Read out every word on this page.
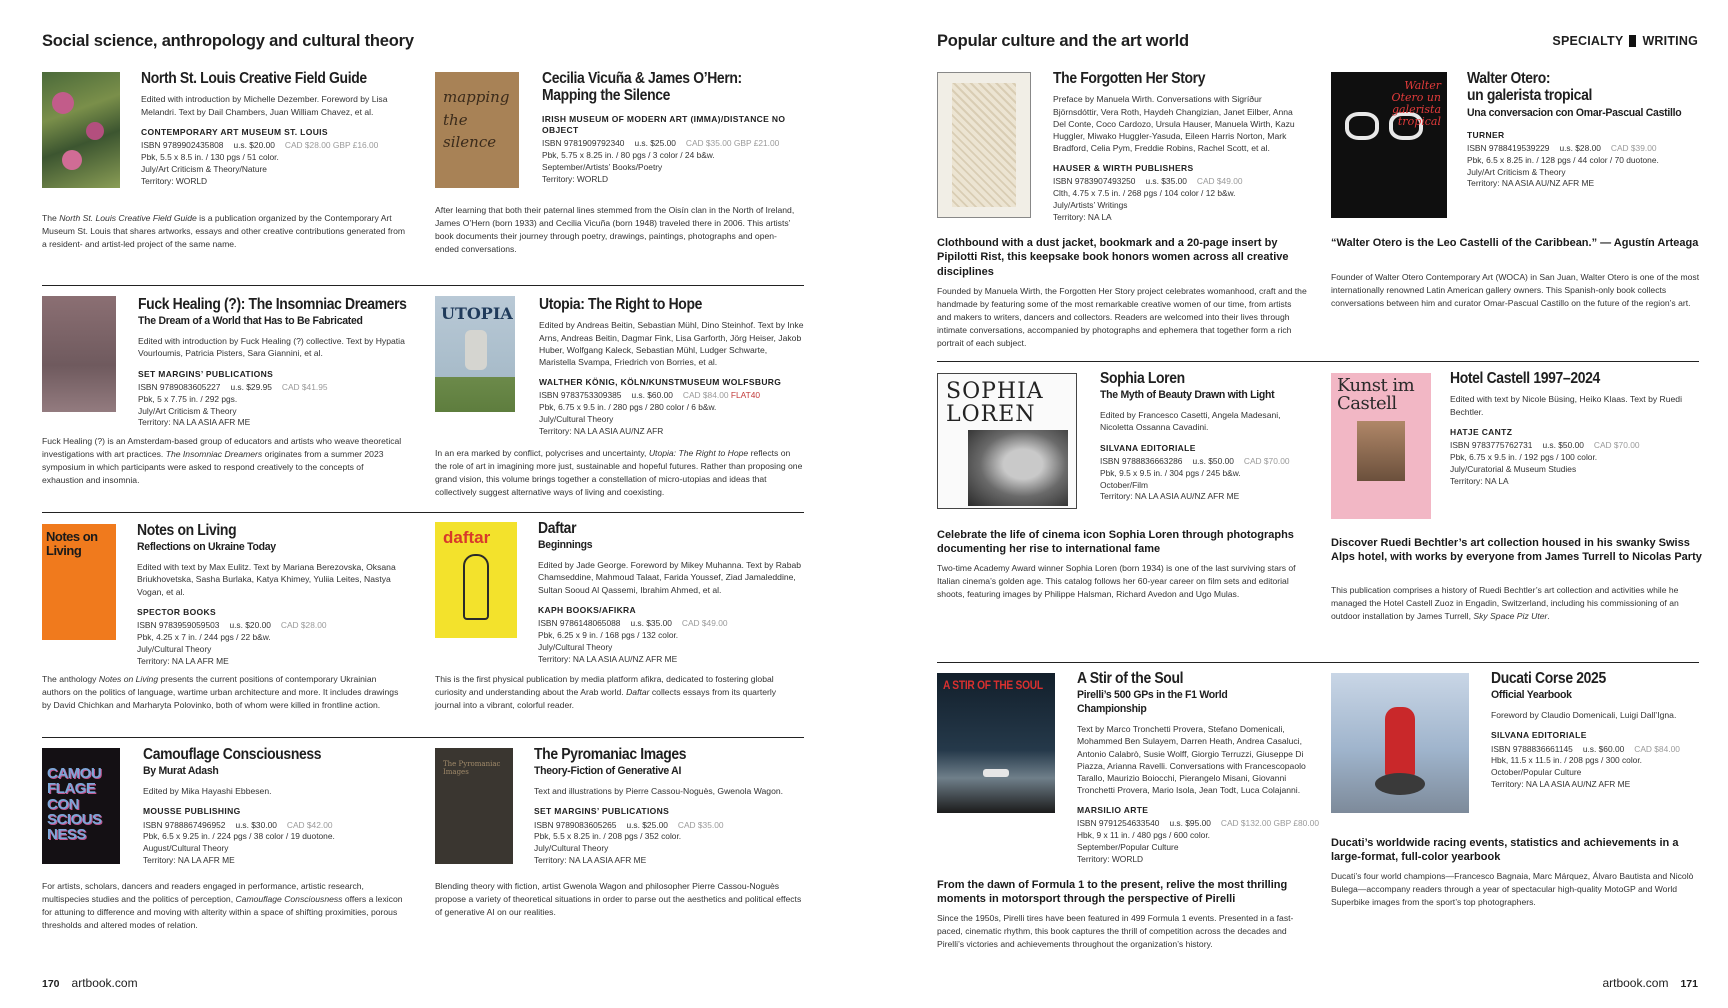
Social science, anthropology and cultural theory
North St. Louis Creative Field Guide
Edited with introduction by Michelle Dezember. Foreword by Lisa Melandri. Text by Dail Chambers, Juan William Chavez, et al.
CONTEMPORARY ART MUSEUM ST. LOUIS
ISBN 9789902435808 u.s. $20.00 CAD $28.00 GBP £16.00
Pbk, 5.5 x 8.5 in. / 130 pgs / 51 color.
July/Art Criticism & Theory/Nature
Territory: WORLD
The North St. Louis Creative Field Guide is a publication organized by the Contemporary Art Museum St. Louis that shares artworks, essays and other creative contributions generated from a resident- and artist-led project of the same name.
mapping the silence
Cecilia Vicuña & James O’Hern:
Mapping the Silence
IRISH MUSEUM OF MODERN ART (IMMA)/DISTANCE NO OBJECT
ISBN 9781909792340 u.s. $25.00 CAD $35.00 GBP £21.00
Pbk, 5.75 x 8.25 in. / 80 pgs / 3 color / 24 b&w.
September/Artists’ Books/Poetry
Territory: WORLD
After learning that both their paternal lines stemmed from the Oisín clan in the North of Ireland, James O’Hern (born 1933) and Cecilia Vicuña (born 1948) traveled there in 2006. This artists’ book documents their journey through poetry, drawings, paintings, photographs and open-ended conversations.
Fuck Healing (?): The Insomniac Dreamers
The Dream of a World that Has to Be Fabricated
Edited with introduction by Fuck Healing (?) collective. Text by Hypatia Vourloumis, Patricia Pisters, Sara Giannini, et al.
SET MARGINS’ PUBLICATIONS
ISBN 9789083605227 u.s. $29.95 CAD $41.95
Pbk, 5 x 7.75 in. / 292 pgs.
July/Art Criticism & Theory
Territory: NA LA ASIA AFR ME
Fuck Healing (?) is an Amsterdam-based group of educators and artists who weave theoretical investigations with art practices. The Insomniac Dreamers originates from a summer 2023 symposium in which participants were asked to respond creatively to the concepts of exhaustion and insomnia.
UTOPIA Utopia: The Right to Hope
Edited by Andreas Beitin, Sebastian Mühl, Dino Steinhof. Text by Inke Arns, Andreas Beitin, Dagmar Fink, Lisa Garforth, Jörg Heiser, Jakob Huber, Wolfgang Kaleck, Sebastian Mühl, Ludger Schwarte, Maristella Svampa, Friedrich von Borries, et al.
WALTHER KÖNIG, KÖLN/KUNSTMUSEUM WOLFSBURG
ISBN 9783753309385 u.s. $60.00 CAD $84.00 FLAT40
Pbk, 6.75 x 9.5 in. / 280 pgs / 280 color / 6 b&w.
July/Cultural Theory
Territory: NA LA ASIA AU/NZ AFR
In an era marked by conflict, polycrises and uncertainty, Utopia: The Right to Hope reflects on the role of art in imagining more just, sustainable and hopeful futures. Rather than proposing one grand vision, this volume brings together a constellation of micro-utopias and ideas that collectively suggest alternative ways of living and coexisting.
Notes on Living
Notes on Living
Reflections on Ukraine Today
Edited with text by Max Eulitz. Text by Mariana Berezovska, Oksana Briukhovetska, Sasha Burlaka, Katya Khimey, Yuliia Leites, Nastya Vogan, et al.
SPECTOR BOOKS
ISBN 9783959059503 u.s. $20.00 CAD $28.00
Pbk, 4.25 x 7 in. / 244 pgs / 22 b&w.
July/Cultural Theory
Territory: NA LA AFR ME
The anthology Notes on Living presents the current positions of contemporary Ukrainian authors on the politics of language, wartime urban architecture and more. It includes drawings by David Chichkan and Marharyta Polovinko, both of whom were killed in frontline action.
daftar	Daftar
Beginnings
Edited by Jade George. Foreword by Mikey Muhanna. Text by Rabab Chamseddine, Mahmoud Talaat, Farida Youssef, Ziad Jamaleddine, Sultan Sooud Al Qassemi, Ibrahim Ahmed, et al.
KAPH BOOKS/AFIKRA
ISBN 9786148065088 u.s. $35.00 CAD $49.00
Pbk, 6.25 x 9 in. / 168 pgs / 132 color.
July/Cultural Theory
Territory: NA LA ASIA AU/NZ AFR ME
This is the first physical publication by media platform afikra, dedicated to fostering global curiosity and understanding about the Arab world. Daftar collects essays from its quarterly journal into a vibrant, colorful reader.
CAMOU FLAGE CON SCIOUS NESS
Camouflage Consciousness
By Murat Adash
Edited by Mika Hayashi Ebbesen.
MOUSSE PUBLISHING
ISBN 9788867496952 u.s. $30.00 CAD $42.00
Pbk, 6.5 x 9.25 in. / 224 pgs / 38 color / 19 duotone.
August/Cultural Theory
Territory: NA LA AFR ME
For artists, scholars, dancers and readers engaged in performance, artistic research, multispecies studies and the politics of perception, Camouflage Consciousness offers a lexicon for attuning to difference and moving with alterity within a space of shifting proximities, porous thresholds and altered modes of relation.
The Pyromaniac Images
The Pyromaniac Images
Theory-Fiction of Generative AI
Text and illustrations by Pierre Cassou-Noguès, Gwenola Wagon.
SET MARGINS’ PUBLICATIONS
ISBN 9789083605265 u.s. $25.00 CAD $35.00
Pbk, 5.5 x 8.25 in. / 208 pgs / 352 color.
July/Cultural Theory
Territory: NA LA ASIA AFR ME
Blending theory with fiction, artist Gwenola Wagon and philosopher Pierre Cassou-Noguès propose a variety of theoretical situations in order to parse out the aesthetics and political effects of generative AI on our realities.
170 artbook.com
Popular culture and the art world	SPECIALTY WRITING
The Forgotten Her Story
Preface by Manuela Wirth. Conversations with Sigríður Björnsdóttir, Vera Roth, Haydeh Changizian, Janet Eilber, Anna Del Conte, Coco Cardozo, Ursula Hauser, Manuela Wirth, Kazu Huggler, Miwako Huggler-Yasuda, Eileen Harris Norton, Mark Bradford, Celia Pym, Freddie Robins, Rachel Scott, et al.
HAUSER & WIRTH PUBLISHERS
ISBN 9783907493250 u.s. $35.00 CAD $49.00
Clth, 4.75 x 7.5 in. / 268 pgs / 104 color / 12 b&w.
July/Artists’ Writings
Territory: NA LA
Clothbound with a dust jacket, bookmark and a 20-page insert by Pipilotti Rist, this keepsake book honors women across all creative disciplines
Founded by Manuela Wirth, the Forgotten Her Story project celebrates womanhood, craft and the handmade by featuring some of the most remarkable creative women of our time, from artists and makers to writers, dancers and collectors. Readers are welcomed into their lives through intimate conversations, accompanied by photographs and ephemera that together form a rich portrait of each subject.
Walter Otero un galerista tropical
Walter Otero:
un galerista tropical
Una conversacion con Omar-Pascual Castillo
TURNER
ISBN 9788419539229 u.s. $28.00 CAD $39.00
Pbk, 6.5 x 8.25 in. / 128 pgs / 44 color / 70 duotone.
July/Art Criticism & Theory
Territory: NA ASIA AU/NZ AFR ME
“Walter Otero is the Leo Castelli of the Caribbean.” — Agustín Arteaga
Founder of Walter Otero Contemporary Art (WOCA) in San Juan, Walter Otero is one of the most internationally renowned Latin American gallery owners. This Spanish-only book collects conversations between him and curator Omar-Pascual Castillo on the future of the region’s art.
SOPHIA LOREN
Sophia Loren
The Myth of Beauty Drawn with Light
Edited by Francesco Casetti, Angela Madesani, Nicoletta Ossanna Cavadini.
SILVANA EDITORIALE
ISBN 9788836663286 u.s. $50.00 CAD $70.00
Pbk, 9.5 x 9.5 in. / 304 pgs / 245 b&w.
October/Film
Territory: NA LA ASIA AU/NZ AFR ME
Celebrate the life of cinema icon Sophia Loren through photographs documenting her rise to international fame
Two-time Academy Award winner Sophia Loren (born 1934) is one of the last surviving stars of Italian cinema’s golden age. This catalog follows her 60-year career on film sets and editorial shoots, featuring images by Philippe Halsman, Richard Avedon and Ugo Mulas.
Kunst im Castell
Hotel Castell 1997–2024
Edited with text by Nicole Büsing, Heiko Klaas. Text by Ruedi Bechtler.
HATJE CANTZ
ISBN 9783775762731 u.s. $50.00 CAD $70.00
Pbk, 6.75 x 9.5 in. / 192 pgs / 100 color.
July/Curatorial & Museum Studies
Territory: NA LA
Discover Ruedi Bechtler’s art collection housed in his swanky Swiss Alps hotel, with works by everyone from James Turrell to Nicolas Party
This publication comprises a history of Ruedi Bechtler’s art collection and activities while he managed the Hotel Castell Zuoz in Engadin, Switzerland, including his commissioning of an outdoor installation by James Turrell, Sky Space Piz Uter.
A STIR OF THE SOUL A Stir of the Soul
Pirelli’s 500 GPs in the F1 World Championship
Text by Marco Tronchetti Provera, Stefano Domenicali, Mohammed Ben Sulayem, Darren Heath, Andrea Casaluci, Antonio Calabrò, Susie Wolff, Giorgio Terruzzi, Giuseppe Di Piazza, Arianna Ravelli. Conversations with Francescopaolo Tarallo, Maurizio Boiocchi, Pierangelo Misani, Giovanni Tronchetti Provera, Mario Isola, Jean Todt, Luca Colajanni.
MARSILIO ARTE
ISBN 9791254633540 u.s. $95.00 CAD $132.00 GBP £80.00
Hbk, 9 x 11 in. / 480 pgs / 600 color.
September/Popular Culture
Territory: WORLD
From the dawn of Formula 1 to the present, relive the most thrilling moments in motorsport through the perspective of Pirelli
Since the 1950s, Pirelli tires have been featured in 499 Formula 1 events. Presented in a fast-paced, cinematic rhythm, this book captures the thrill of competition across the decades and Pirelli’s victories and achievements throughout the organization’s history.
Ducati Corse 2025
Official Yearbook
Foreword by Claudio Domenicali, Luigi Dall’Igna.
SILVANA EDITORIALE
ISBN 9788836661145 u.s. $60.00 CAD $84.00
Hbk, 11.5 x 11.5 in. / 208 pgs / 300 color.
October/Popular Culture
Territory: NA LA ASIA AU/NZ AFR ME
Ducati’s worldwide racing events, statistics and achievements in a large-format, full-color yearbook
Ducati’s four world champions—Francesco Bagnaia, Marc Márquez, Álvaro Bautista and Nicolò Bulega—accompany readers through a year of spectacular high-quality MotoGP and World Superbike images from the sport’s top photographers.
artbook.com 171
